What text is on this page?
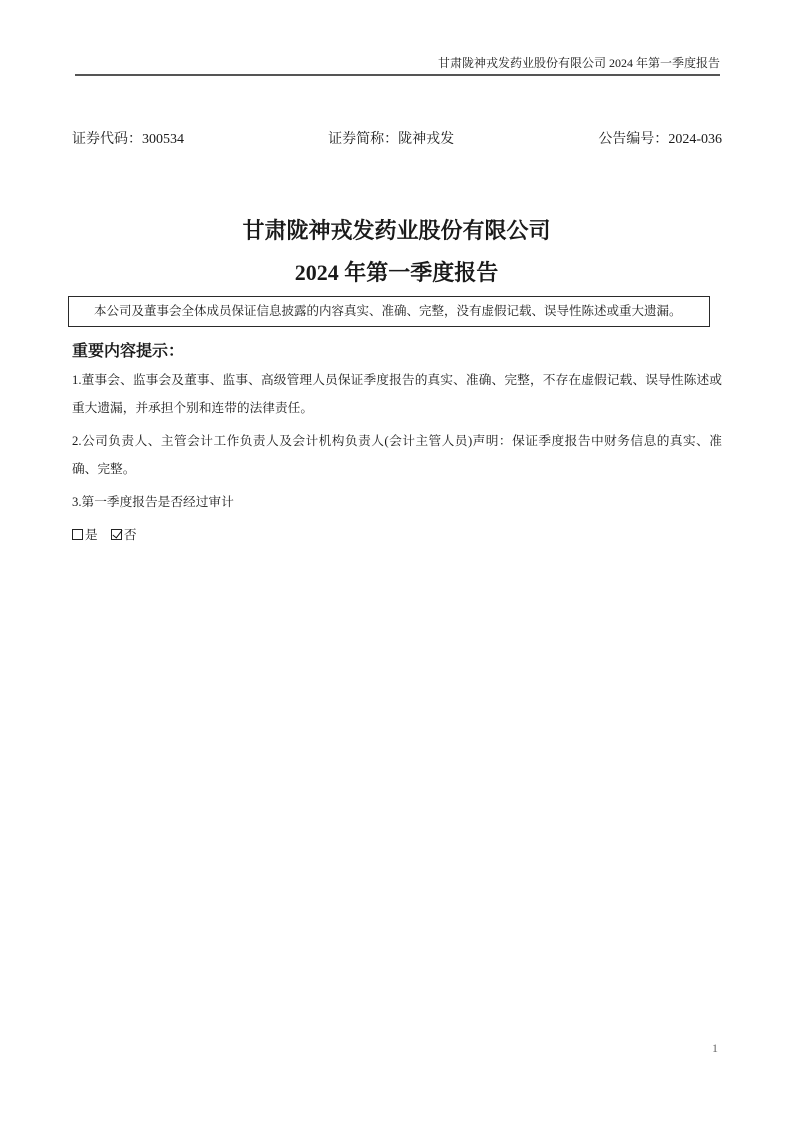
甘肃陇神戎发药业股份有限公司 2024 年第一季度报告
证券代码：300534	证券简称：陇神戎发	公告编号：2024-036
甘肃陇神戎发药业股份有限公司
2024 年第一季度报告
本公司及董事会全体成员保证信息披露的内容真实、准确、完整，没有虚假记载、误导性陈述或重大遗漏。
重要内容提示：

1.董事会、监事会及董事、监事、高级管理人员保证季度报告的真实、准确、完整，不存在虚假记载、误导性陈述或重大遗漏，并承担个别和连带的法律责任。

2.公司负责人、主管会计工作负责人及会计机构负责人(会计主管人员)声明：保证季度报告中财务信息的真实、准确、完整。

3.第一季度报告是否经过审计

是 否
1
